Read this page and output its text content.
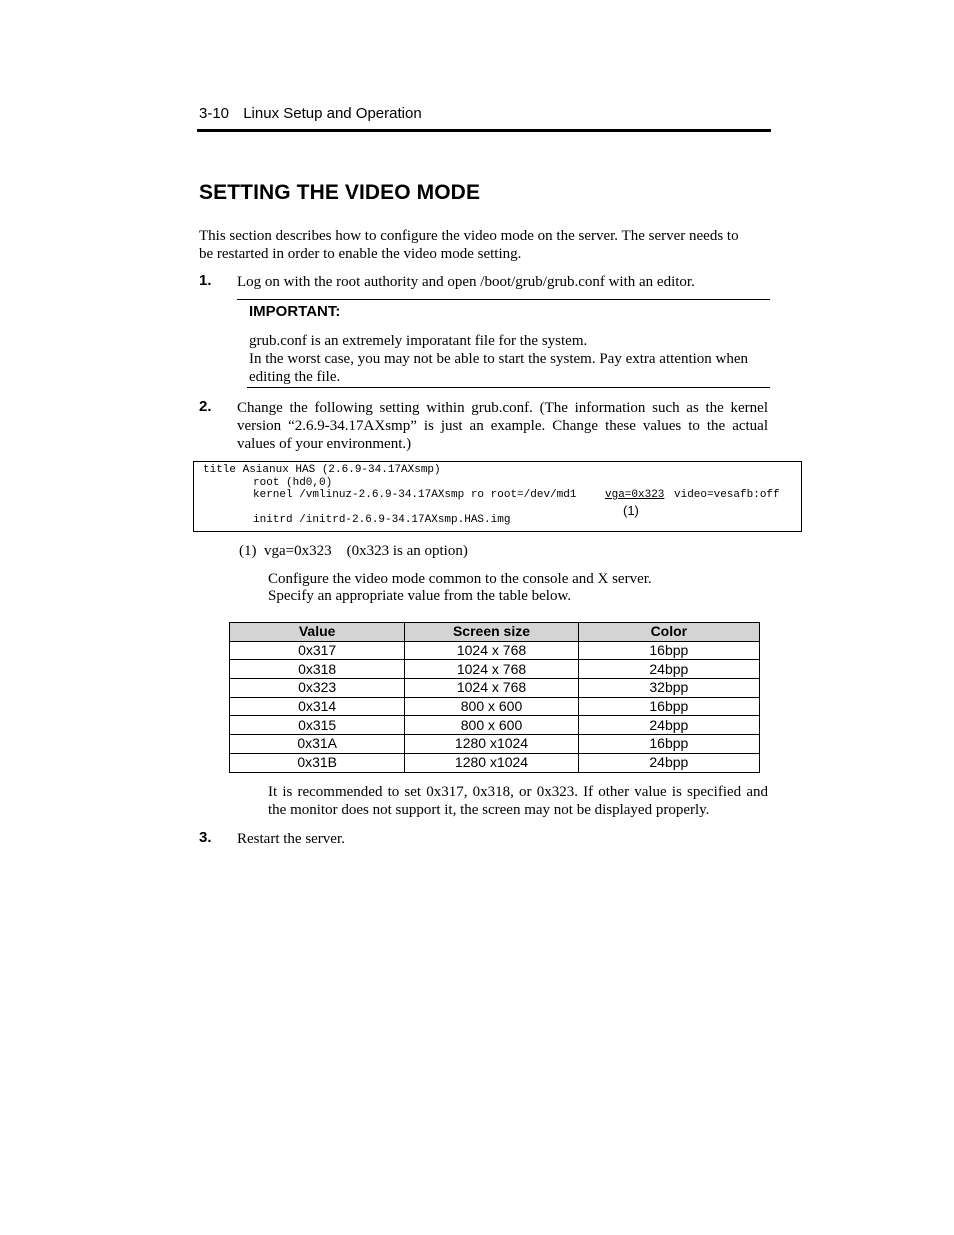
3-10 Linux Setup and Operation
SETTING THE VIDEO MODE

This section describes how to configure the video mode on the server. The server needs to

be restarted in order to enable the video mode setting.

1. Log on with the root authority and open /boot/grub/grub.conf with an editor.

IMPORTANT:

grub.conf is an extremely imporatant file for the system.

In the worst case, you may not be able to start the system. Pay extra attention when

editing the file.

2. Change the following setting within grub.conf. (The information such as the kernel

version “2.6.9-34.17AXsmp” is just an example. Change these values to the actual

values of your environment.)

title Asianux HAS (2.6.9-34.17AXsmp)
root (hd0,0)
kernel /vmlinuz-2.6.9-34.17AXsmp ro root=/dev/md1	vga=0x323 video=vesafb:off
(1)
initrd /initrd-2.6.9-34.17AXsmp.HAS.img

(1)  vga=0x323    (0x323 is an option)

Configure the video mode common to the console and X server.

Specify an appropriate value from the table below.

Value	Screen size	Color
0x317	1024 x 768	16bpp
0x318	1024 x 768	24bpp
0x323	1024 x 768	32bpp
0x314	800 x 600	16bpp
0x315	800 x 600	24bpp
0x31A	1280 x1024	16bpp
0x31B	1280 x1024	24bpp

It is recommended to set 0x317, 0x318, or 0x323. If other value is specified and

the monitor does not support it, the screen may not be displayed properly.

3. Restart the server.
